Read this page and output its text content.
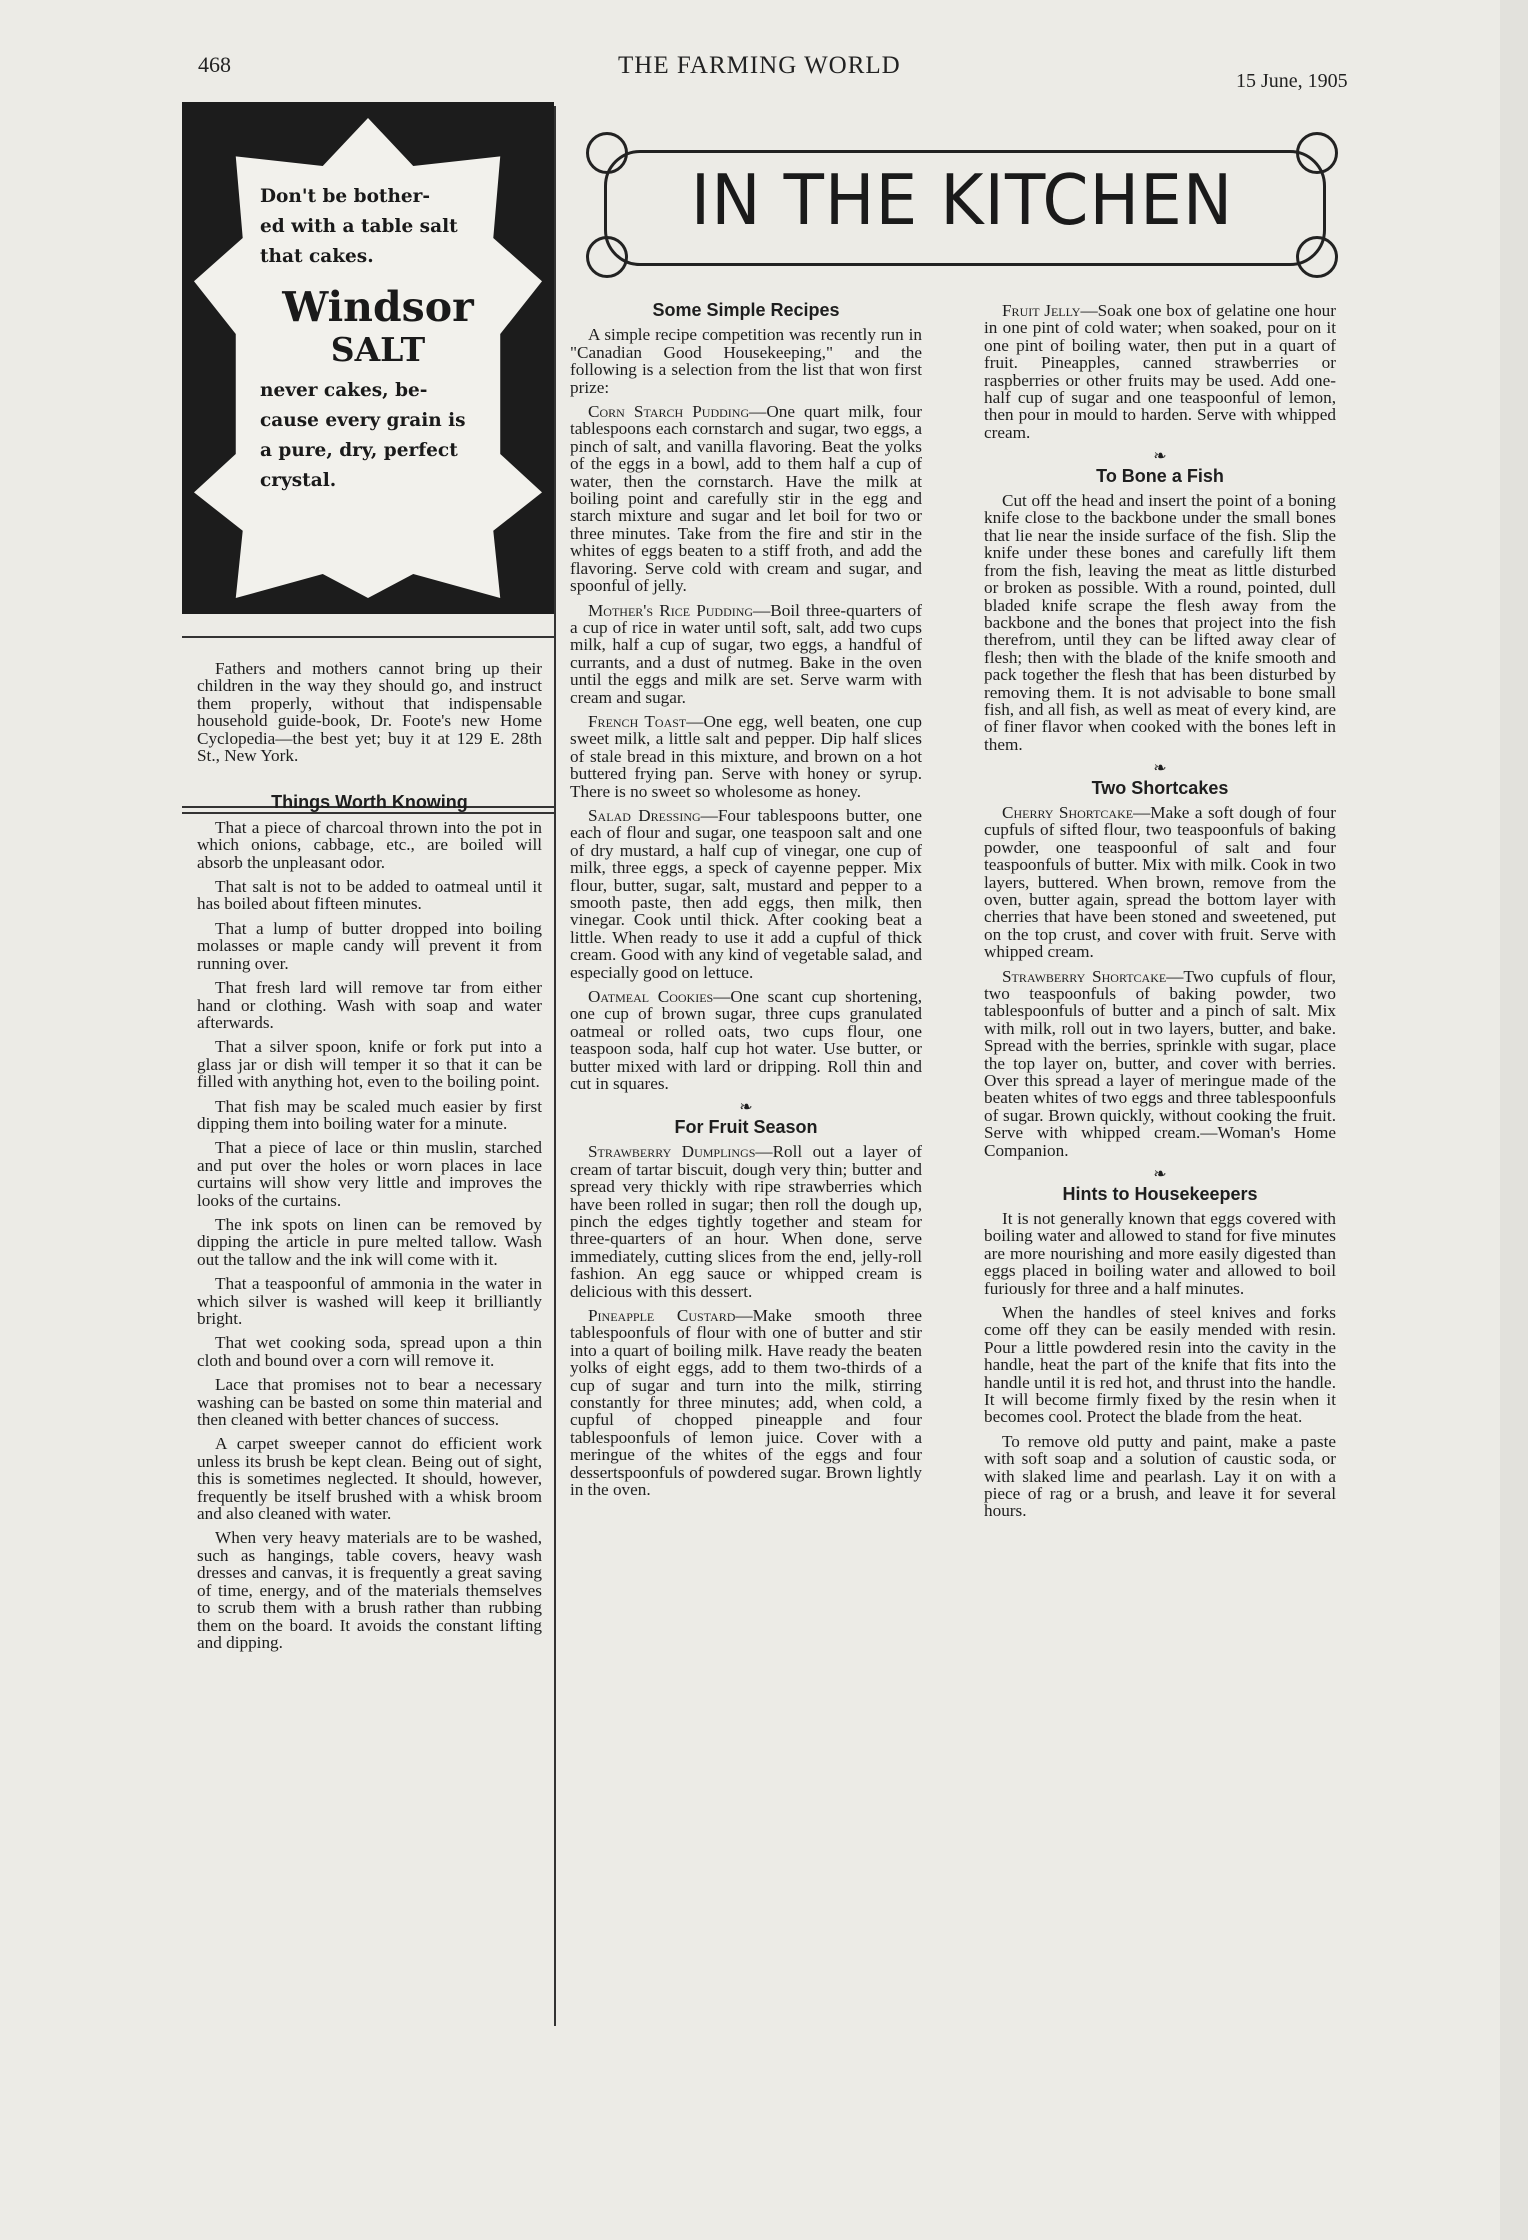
468	THE FARMING WORLD
15 June, 1905
Don't be bother-
ed with a table salt
that cakes.
Windsor
SALT
never cakes, be-
cause every grain is
a pure, dry, perfect
crystal.
IN THE KITCHEN

Fathers and mothers cannot bring up their children in the way they should go, and instruct them properly, without that indispensable household guide-book, Dr. Foote's new Home Cyclopedia—the best yet; buy it at 129 E. 28th St., New York.

Things Worth Knowing

That a piece of charcoal thrown into the pot in which onions, cabbage, etc., are boiled will absorb the unpleasant odor.

That salt is not to be added to oatmeal until it has boiled about fifteen minutes.

That a lump of butter dropped into boiling molasses or maple candy will prevent it from running over.

That fresh lard will remove tar from either hand or clothing. Wash with soap and water afterwards.

That a silver spoon, knife or fork put into a glass jar or dish will temper it so that it can be filled with anything hot, even to the boiling point.

That fish may be scaled much easier by first dipping them into boiling water for a minute.

That a piece of lace or thin muslin, starched and put over the holes or worn places in lace curtains will show very little and improves the looks of the curtains.

The ink spots on linen can be removed by dipping the article in pure melted tallow. Wash out the tallow and the ink will come with it.

That a teaspoonful of ammonia in the water in which silver is washed will keep it brilliantly bright.

That wet cooking soda, spread upon a thin cloth and bound over a corn will remove it.

Lace that promises not to bear a necessary washing can be basted on some thin material and then cleaned with better chances of success.

A carpet sweeper cannot do efficient work unless its brush be kept clean. Being out of sight, this is sometimes neglected. It should, however, frequently be itself brushed with a whisk broom and also cleaned with water.

When very heavy materials are to be washed, such as hangings, table covers, heavy wash dresses and canvas, it is frequently a great saving of time, energy, and of the materials themselves to scrub them with a brush rather than rubbing them on the board. It avoids the constant lifting and dipping.

Some Simple Recipes

A simple recipe competition was recently run in "Canadian Good Housekeeping," and the following is a selection from the list that won first prize:

Corn Starch Pudding—One quart milk, four tablespoons each cornstarch and sugar, two eggs, a pinch of salt, and vanilla flavoring. Beat the yolks of the eggs in a bowl, add to them half a cup of water, then the cornstarch. Have the milk at boiling point and carefully stir in the egg and starch mixture and sugar and let boil for two or three minutes. Take from the fire and stir in the whites of eggs beaten to a stiff froth, and add the flavoring. Serve cold with cream and sugar, and spoonful of jelly.

Mother's Rice Pudding—Boil three-quarters of a cup of rice in water until soft, salt, add two cups milk, half a cup of sugar, two eggs, a handful of currants, and a dust of nutmeg. Bake in the oven until the eggs and milk are set. Serve warm with cream and sugar.

French Toast—One egg, well beaten, one cup sweet milk, a little salt and pepper. Dip half slices of stale bread in this mixture, and brown on a hot buttered frying pan. Serve with honey or syrup. There is no sweet so wholesome as honey.

Salad Dressing—Four tablespoons butter, one each of flour and sugar, one teaspoon salt and one of dry mustard, a half cup of vinegar, one cup of milk, three eggs, a speck of cayenne pepper. Mix flour, butter, sugar, salt, mustard and pepper to a smooth paste, then add eggs, then milk, then vinegar. Cook until thick. After cooking beat a little. When ready to use it add a cupful of thick cream. Good with any kind of vegetable salad, and especially good on lettuce.

Oatmeal Cookies—One scant cup shortening, one cup of brown sugar, three cups granulated oatmeal or rolled oats, two cups flour, one teaspoon soda, half cup hot water. Use butter, or butter mixed with lard or dripping. Roll thin and cut in squares.

❧
For Fruit Season

Strawberry Dumplings—Roll out a layer of cream of tartar biscuit, dough very thin; butter and spread very thickly with ripe strawberries which have been rolled in sugar; then roll the dough up, pinch the edges tightly together and steam for three-quarters of an hour. When done, serve immediately, cutting slices from the end, jelly-roll fashion. An egg sauce or whipped cream is delicious with this dessert.

Pineapple Custard—Make smooth three tablespoonfuls of flour with one of butter and stir into a quart of boiling milk. Have ready the beaten yolks of eight eggs, add to them two-thirds of a cup of sugar and turn into the milk, stirring constantly for three minutes; add, when cold, a cupful of chopped pineapple and four tablespoonfuls of lemon juice. Cover with a meringue of the whites of the eggs and four dessertspoonfuls of powdered sugar. Brown lightly in the oven.

Fruit Jelly—Soak one box of gelatine one hour in one pint of cold water; when soaked, pour on it one pint of boiling water, then put in a quart of fruit. Pineapples, canned strawberries or raspberries or other fruits may be used. Add one-half cup of sugar and one teaspoonful of lemon, then pour in mould to harden. Serve with whipped cream.

❧
To Bone a Fish

Cut off the head and insert the point of a boning knife close to the backbone under the small bones that lie near the inside surface of the fish. Slip the knife under these bones and carefully lift them from the fish, leaving the meat as little disturbed or broken as possible. With a round, pointed, dull bladed knife scrape the flesh away from the backbone and the bones that project into the fish therefrom, until they can be lifted away clear of flesh; then with the blade of the knife smooth and pack together the flesh that has been disturbed by removing them. It is not advisable to bone small fish, and all fish, as well as meat of every kind, are of finer flavor when cooked with the bones left in them.

❧
Two Shortcakes

Cherry Shortcake—Make a soft dough of four cupfuls of sifted flour, two teaspoonfuls of baking powder, one teaspoonful of salt and four teaspoonfuls of butter. Mix with milk. Cook in two layers, buttered. When brown, remove from the oven, butter again, spread the bottom layer with cherries that have been stoned and sweetened, put on the top crust, and cover with fruit. Serve with whipped cream.

Strawberry Shortcake—Two cupfuls of flour, two teaspoonfuls of baking powder, two tablespoonfuls of butter and a pinch of salt. Mix with milk, roll out in two layers, butter, and bake. Spread with the berries, sprinkle with sugar, place the top layer on, butter, and cover with berries. Over this spread a layer of meringue made of the beaten whites of two eggs and three tablespoonfuls of sugar. Brown quickly, without cooking the fruit. Serve with whipped cream.—Woman's Home Companion.

❧
Hints to Housekeepers

It is not generally known that eggs covered with boiling water and allowed to stand for five minutes are more nourishing and more easily digested than eggs placed in boiling water and allowed to boil furiously for three and a half minutes.

When the handles of steel knives and forks come off they can be easily mended with resin. Pour a little powdered resin into the cavity in the handle, heat the part of the knife that fits into the handle until it is red hot, and thrust into the handle. It will become firmly fixed by the resin when it becomes cool. Protect the blade from the heat.

To remove old putty and paint, make a paste with soft soap and a solution of caustic soda, or with slaked lime and pearlash. Lay it on with a piece of rag or a brush, and leave it for several hours.
